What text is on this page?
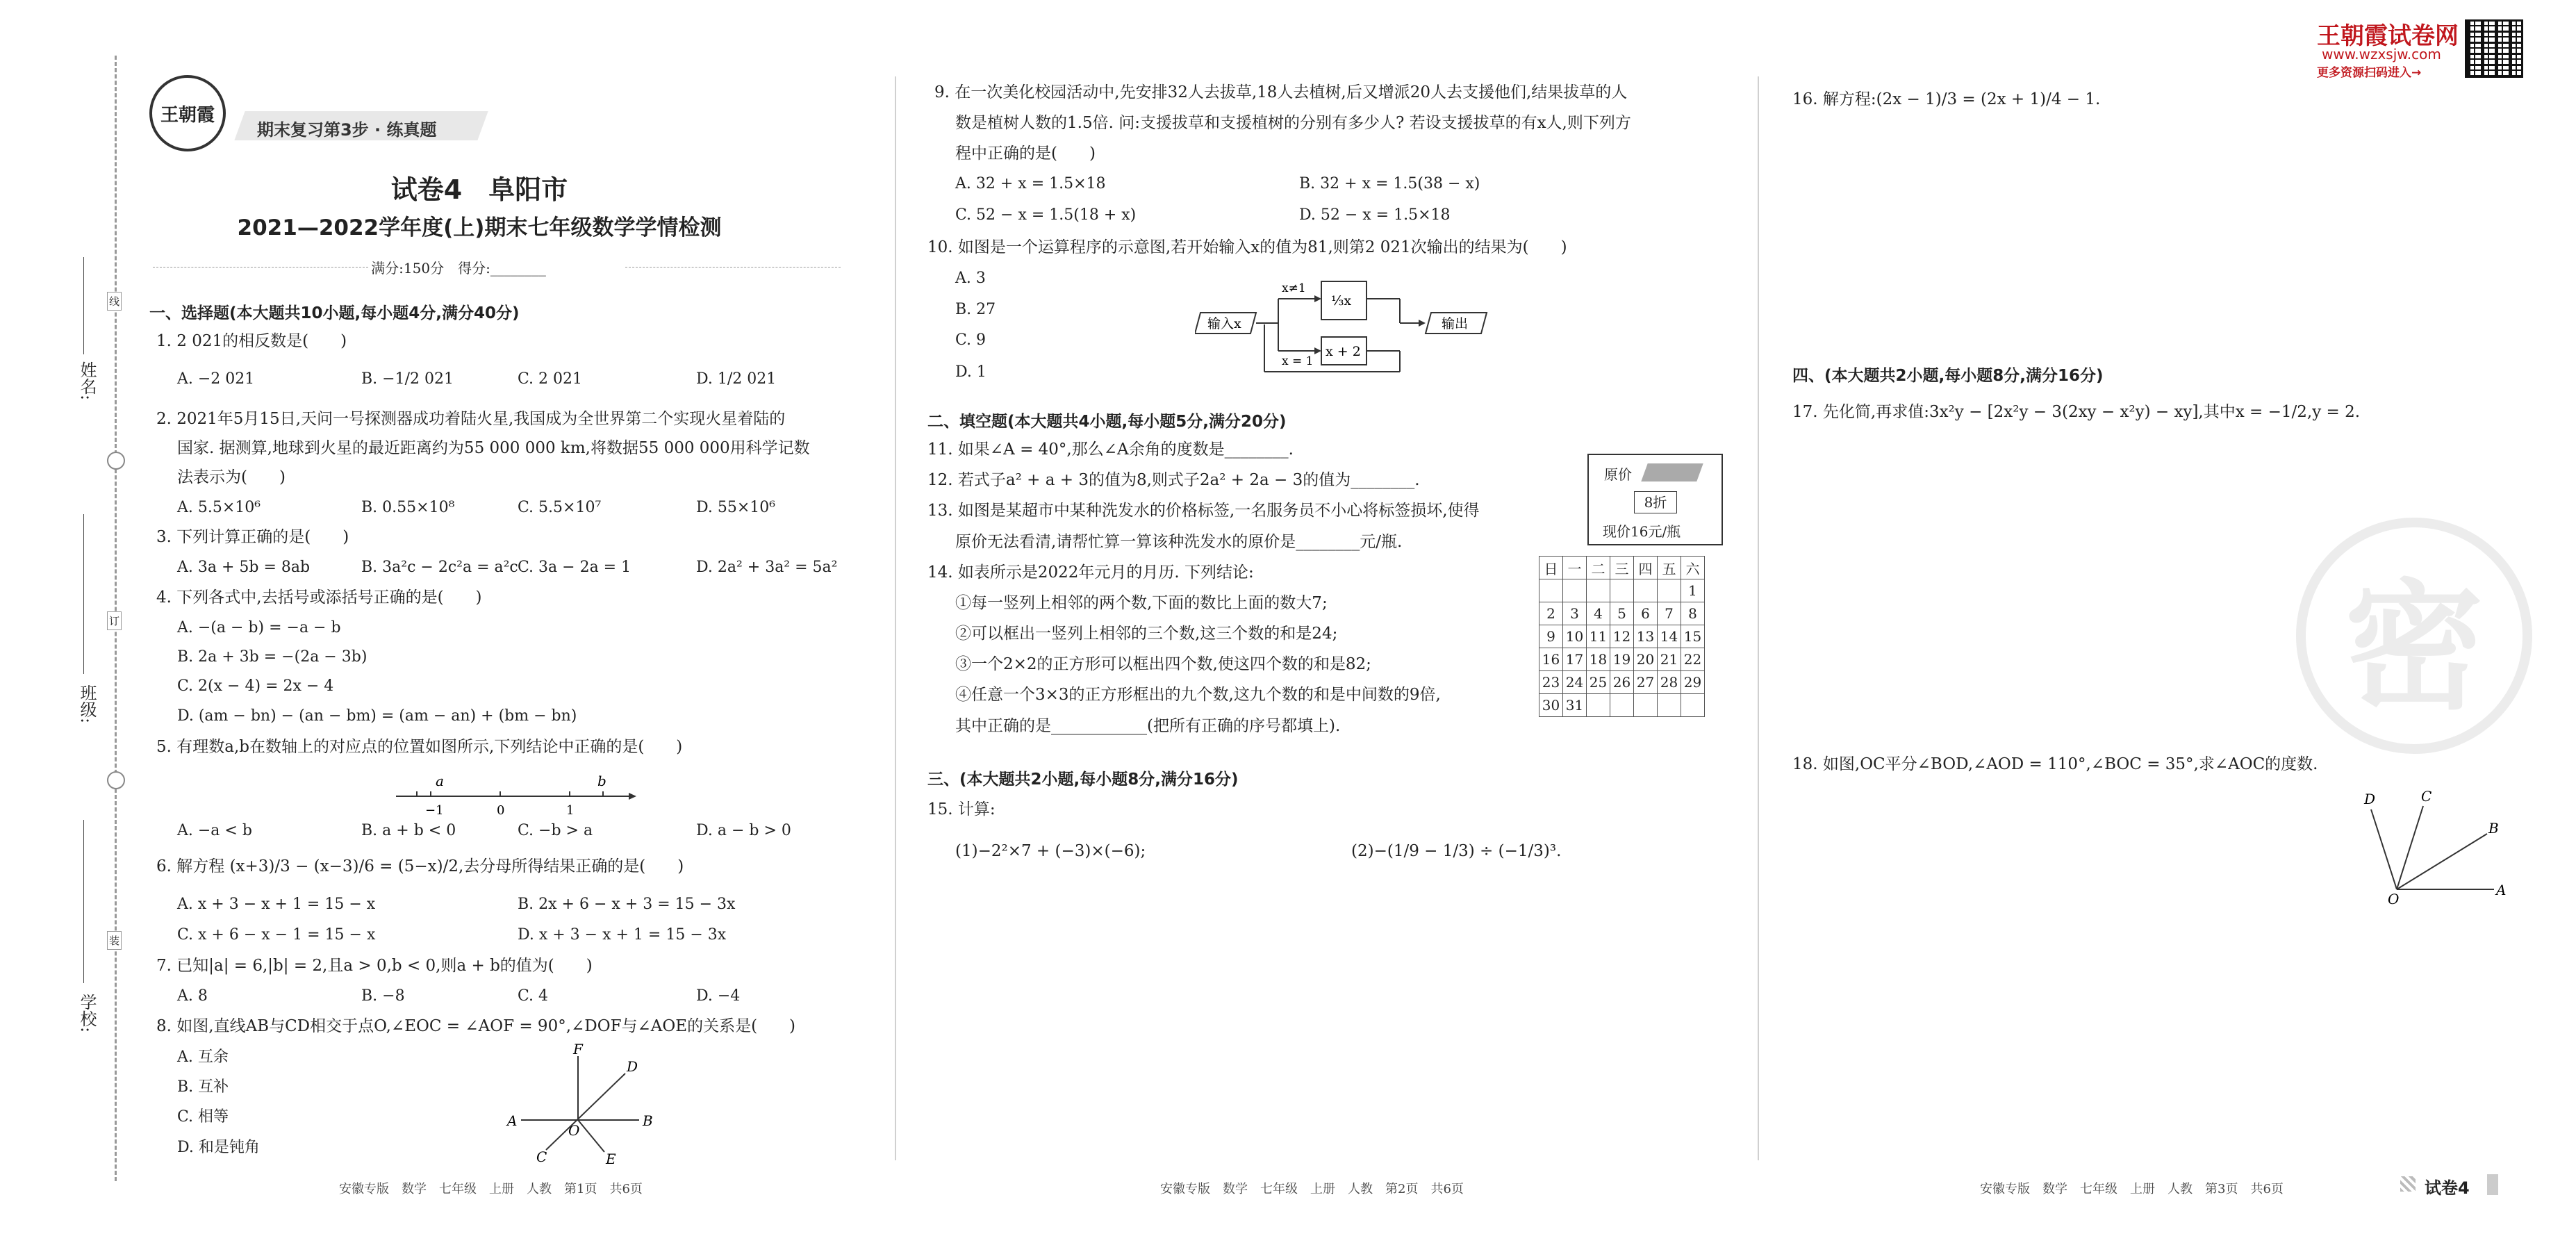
姓名:
班级:
学校:
线
订
装
王朝霞
期末复习第3步 · 练真题
试卷4　阜阳市
2021—2022学年度(上)期末七年级数学学情检测
满分:150分　得分:________
一、选择题(本大题共10小题,每小题4分,满分40分)
1. 2 021的相反数是(　　)
A. −2 021	B. −1/2 021	C. 2 021	D. 1/2 021
2. 2021年5月15日,天问一号探测器成功着陆火星,我国成为全世界第二个实现火星着陆的
国家. 据测算,地球到火星的最近距离约为55 000 000 km,将数据55 000 000用科学记数
法表示为(　　)
A. 5.5×10⁶	B. 0.55×10⁸	C. 5.5×10⁷	D. 55×10⁶
3. 下列计算正确的是(　　)
A. 3a + 5b = 8ab	B. 3a²c − 2c²a = a²c C. 3a − 2a = 1	D. 2a² + 3a² = 5a²
4. 下列各式中,去括号或添括号正确的是(　　)
A. −(a − b) = −a − b
B. 2a + 3b = −(2a − 3b)
C. 2(x − 4) = 2x − 4
D. (am − bn) − (an − bm) = (am − an) + (bm − bn)
5. 有理数a,b在数轴上的对应点的位置如图所示,下列结论中正确的是(　　)
a	b
−1	0	1
A. −a < b	B. a + b < 0	C. −b > a	D. a − b > 0
6. 解方程 (x+3)/3 − (x−3)/6 = (5−x)/2,去分母所得结果正确的是(　　)
A. x + 3 − x + 1 = 15 − x	B. 2x + 6 − x + 3 = 15 − 3x
C. x + 6 − x − 1 = 15 − x	D. x + 3 − x + 1 = 15 − 3x
7. 已知|a| = 6,|b| = 2,且a > 0,b < 0,则a + b的值为(　　)
A. 8	B. −8	C. 4	D. −4
8. 如图,直线AB与CD相交于点O,∠EOC = ∠AOF = 90°,∠DOF与∠AOE的关系是(　　)
A. 互余
B. 互补
C. 相等
D. 和是钝角
A	B
C
D
E
F
O
安徽专版　数学　七年级　上册　人教　第1页　共6页
9. 在一次美化校园活动中,先安排32人去拔草,18人去植树,后又增派20人去支援他们,结果拔草的人
数是植树人数的1.5倍. 问:支援拔草和支援植树的分别有多少人? 若设支援拔草的有x人,则下列方
程中正确的是(　　)
A. 32 + x = 1.5×18	B. 32 + x = 1.5(38 − x)
C. 52 − x = 1.5(18 + x)	D. 52 − x = 1.5×18
10. 如图是一个运算程序的示意图,若开始输入x的值为81,则第2 021次输出的结果为(　　)
A. 3
B. 27
C. 9
D. 1
输入x
x≠1
x = 1
⅓x
x + 2
输出
二、填空题(本大题共4小题,每小题5分,满分20分)
11. 如果∠A = 40°,那么∠A余角的度数是________.
12. 若式子a² + a + 3的值为8,则式子2a² + 2a − 3的值为________.
13. 如图是某超市中某种洗发水的价格标签,一名服务员不小心将标签损坏,使得
原价无法看清,请帮忙算一算该种洗发水的原价是________元/瓶.
原价
8折
现价16元/瓶
14. 如表所示是2022年元月的月历. 下列结论:
①每一竖列上相邻的两个数,下面的数比上面的数大7;
②可以框出一竖列上相邻的三个数,这三个数的和是24;
③一个2×2的正方形可以框出四个数,使这四个数的和是82;
④任意一个3×3的正方形框出的九个数,这九个数的和是中间数的9倍,
其中正确的是____________(把所有正确的序号都填上).
日	一	二	三	四	五	六
						1
2	3	4	5	6	7	8
9	10	11	12	13	14	15
16	17	18	19	20	21	22
23	24	25	26	27	28	29
30	31					
三、(本大题共2小题,每小题8分,满分16分)
15. 计算:
(1)−2²×7 + (−3)×(−6);	(2)−(1/9 − 1/3) ÷ (−1/3)³.
安徽专版　数学　七年级　上册　人教　第2页　共6页
16. 解方程:(2x − 1)/3 = (2x + 1)/4 − 1.
四、(本大题共2小题,每小题8分,满分16分)
17. 先化简,再求值:3x²y − [2x²y − 3(2xy − x²y) − xy],其中x = −1/2,y = 2.
18. 如图,OC平分∠BOD,∠AOD = 110°,∠BOC = 35°,求∠AOC的度数.
A
B
C
D
O
密
王朝霞试卷网
www.wzxsjw.com
更多资源扫码进入→
安徽专版　数学　七年级　上册　人教　第3页　共6页	试卷4
